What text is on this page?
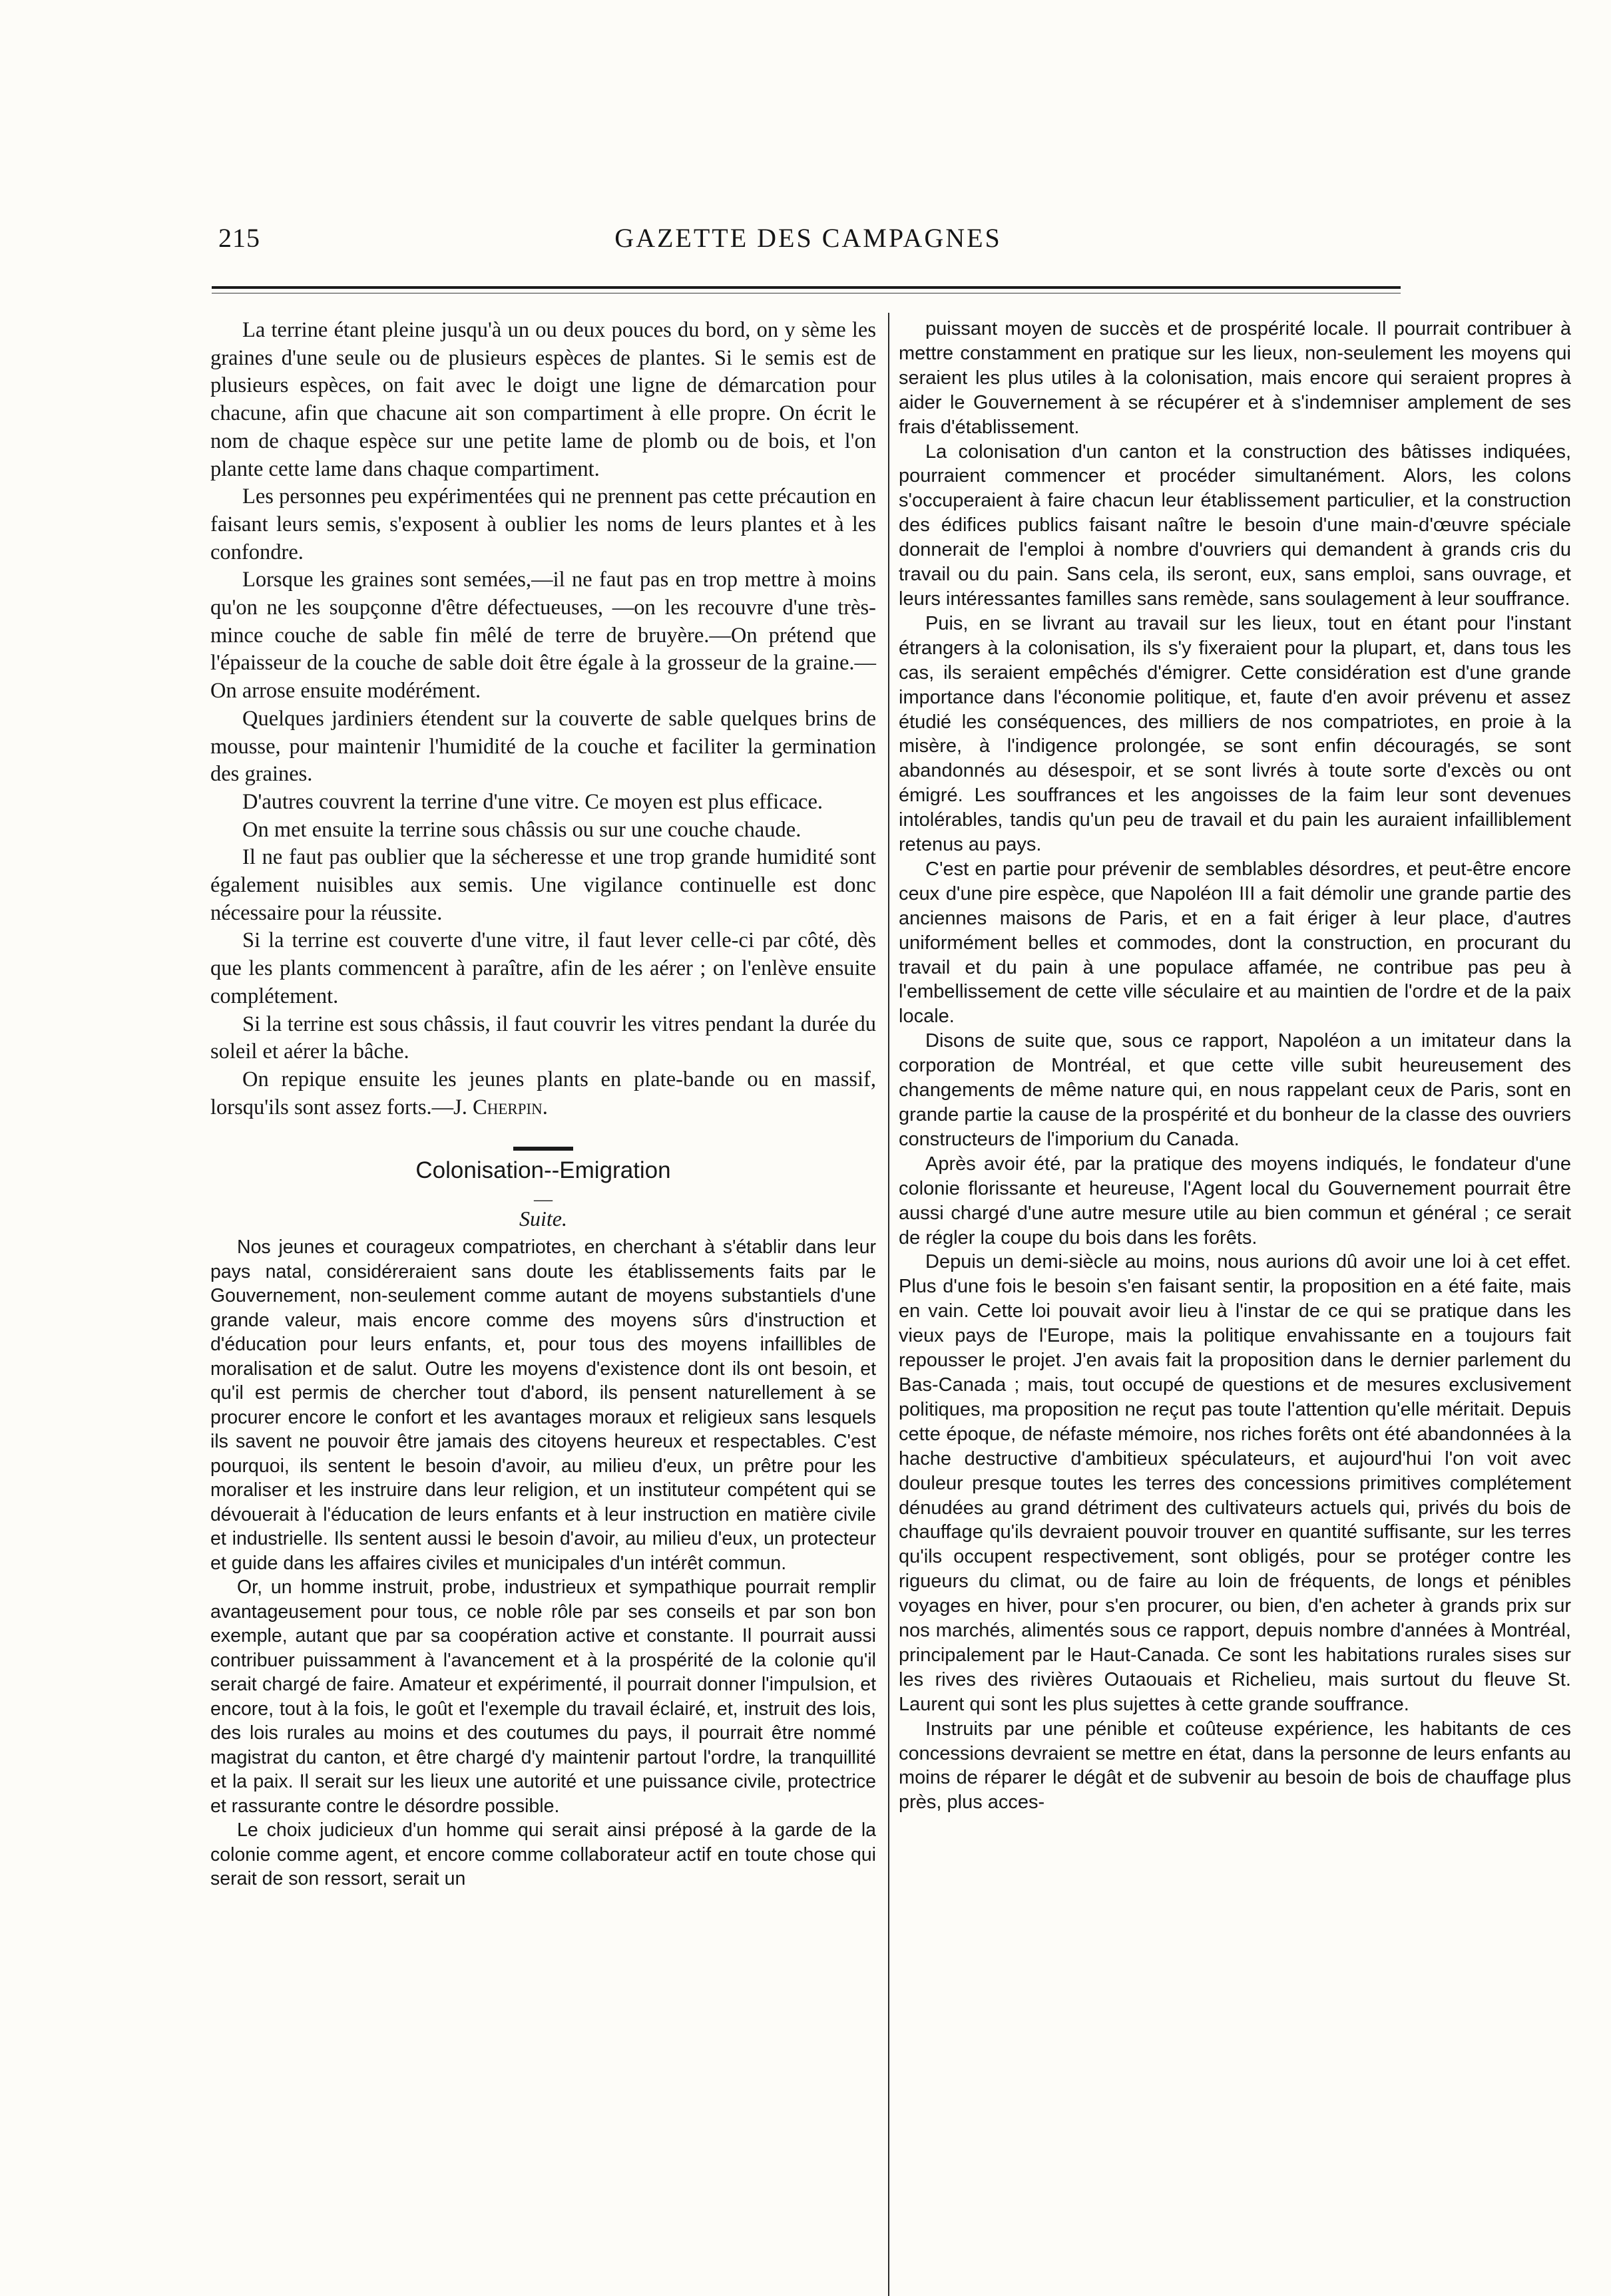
215	GAZETTE DES CAMPAGNES

La terrine étant pleine jusqu'à un ou deux pouces du bord, on y sème les graines d'une seule ou de plusieurs espèces de plantes. Si le semis est de plusieurs espèces, on fait avec le doigt une ligne de démarcation pour chacune, afin que chacune ait son compartiment à elle propre. On écrit le nom de chaque espèce sur une petite lame de plomb ou de bois, et l'on plante cette lame dans chaque compartiment.

Les personnes peu expérimentées qui ne prennent pas cette précaution en faisant leurs semis, s'exposent à oublier les noms de leurs plantes et à les confondre.

Lorsque les graines sont semées,—il ne faut pas en trop mettre à moins qu'on ne les soupçonne d'être défectueuses, —on les recouvre d'une très-mince couche de sable fin mêlé de terre de bruyère.—On prétend que l'épaisseur de la couche de sable doit être égale à la grosseur de la graine.—On arrose ensuite modérément.

Quelques jardiniers étendent sur la couverte de sable quelques brins de mousse, pour maintenir l'humidité de la couche et faciliter la germination des graines.

D'autres couvrent la terrine d'une vitre. Ce moyen est plus efficace.

On met ensuite la terrine sous châssis ou sur une couche chaude.

Il ne faut pas oublier que la sécheresse et une trop grande humidité sont également nuisibles aux semis. Une vigilance continuelle est donc nécessaire pour la réussite.

Si la terrine est couverte d'une vitre, il faut lever celle-ci par côté, dès que les plants commencent à paraître, afin de les aérer ; on l'enlève ensuite complétement.

Si la terrine est sous châssis, il faut couvrir les vitres pendant la durée du soleil et aérer la bâche.

On repique ensuite les jeunes plants en plate-bande ou en massif, lorsqu'ils sont assez forts.—J. Cherpin.

Colonisation--Emigration
—
Suite.

Nos jeunes et courageux compatriotes, en cherchant à s'établir dans leur pays natal, considéreraient sans doute les établissements faits par le Gouvernement, non-seulement comme autant de moyens substantiels d'une grande valeur, mais encore comme des moyens sûrs d'instruction et d'éducation pour leurs enfants, et, pour tous des moyens infaillibles de moralisation et de salut. Outre les moyens d'existence dont ils ont besoin, et qu'il est permis de chercher tout d'abord, ils pensent naturellement à se procurer encore le confort et les avantages moraux et religieux sans lesquels ils savent ne pouvoir être jamais des citoyens heureux et respectables. C'est pourquoi, ils sentent le besoin d'avoir, au milieu d'eux, un prêtre pour les moraliser et les instruire dans leur religion, et un instituteur compétent qui se dévouerait à l'éducation de leurs enfants et à leur instruction en matière civile et industrielle. Ils sentent aussi le besoin d'avoir, au milieu d'eux, un protecteur et guide dans les affaires civiles et municipales d'un intérêt commun.

Or, un homme instruit, probe, industrieux et sympathique pourrait remplir avantageusement pour tous, ce noble rôle par ses conseils et par son bon exemple, autant que par sa coopération active et constante. Il pourrait aussi contribuer puissamment à l'avancement et à la prospérité de la colonie qu'il serait chargé de faire. Amateur et expérimenté, il pourrait donner l'impulsion, et encore, tout à la fois, le goût et l'exemple du travail éclairé, et, instruit des lois, des lois rurales au moins et des coutumes du pays, il pourrait être nommé magistrat du canton, et être chargé d'y maintenir partout l'ordre, la tranquillité et la paix. Il serait sur les lieux une autorité et une puissance civile, protectrice et rassurante contre le désordre possible.

Le choix judicieux d'un homme qui serait ainsi préposé à la garde de la colonie comme agent, et encore comme collaborateur actif en toute chose qui serait de son ressort, serait un

puissant moyen de succès et de prospérité locale. Il pourrait contribuer à mettre constamment en pratique sur les lieux, non-seulement les moyens qui seraient les plus utiles à la colonisation, mais encore qui seraient propres à aider le Gouvernement à se récupérer et à s'indemniser amplement de ses frais d'établissement.

La colonisation d'un canton et la construction des bâtisses indiquées, pourraient commencer et procéder simultanément. Alors, les colons s'occuperaient à faire chacun leur établissement particulier, et la construction des édifices publics faisant naître le besoin d'une main-d'œuvre spéciale donnerait de l'emploi à nombre d'ouvriers qui demandent à grands cris du travail ou du pain. Sans cela, ils seront, eux, sans emploi, sans ouvrage, et leurs intéressantes familles sans remède, sans soulagement à leur souffrance.

Puis, en se livrant au travail sur les lieux, tout en étant pour l'instant étrangers à la colonisation, ils s'y fixeraient pour la plupart, et, dans tous les cas, ils seraient empêchés d'émigrer. Cette considération est d'une grande importance dans l'économie politique, et, faute d'en avoir prévenu et assez étudié les conséquences, des milliers de nos compatriotes, en proie à la misère, à l'indigence prolongée, se sont enfin découragés, se sont abandonnés au désespoir, et se sont livrés à toute sorte d'excès ou ont émigré. Les souffrances et les angoisses de la faim leur sont devenues intolérables, tandis qu'un peu de travail et du pain les auraient infailliblement retenus au pays.

C'est en partie pour prévenir de semblables désordres, et peut-être encore ceux d'une pire espèce, que Napoléon III a fait démolir une grande partie des anciennes maisons de Paris, et en a fait ériger à leur place, d'autres uniformément belles et commodes, dont la construction, en procurant du travail et du pain à une populace affamée, ne contribue pas peu à l'embellissement de cette ville séculaire et au maintien de l'ordre et de la paix locale.

Disons de suite que, sous ce rapport, Napoléon a un imitateur dans la corporation de Montréal, et que cette ville subit heureusement des changements de même nature qui, en nous rappelant ceux de Paris, sont en grande partie la cause de la prospérité et du bonheur de la classe des ouvriers constructeurs de l'imporium du Canada.

Après avoir été, par la pratique des moyens indiqués, le fondateur d'une colonie florissante et heureuse, l'Agent local du Gouvernement pourrait être aussi chargé d'une autre mesure utile au bien commun et général ; ce serait de régler la coupe du bois dans les forêts.

Depuis un demi-siècle au moins, nous aurions dû avoir une loi à cet effet. Plus d'une fois le besoin s'en faisant sentir, la proposition en a été faite, mais en vain. Cette loi pouvait avoir lieu à l'instar de ce qui se pratique dans les vieux pays de l'Europe, mais la politique envahissante en a toujours fait repousser le projet. J'en avais fait la proposition dans le dernier parlement du Bas-Canada ; mais, tout occupé de questions et de mesures exclusivement politiques, ma proposition ne reçut pas toute l'attention qu'elle méritait. Depuis cette époque, de néfaste mémoire, nos riches forêts ont été abandonnées à la hache destructive d'ambitieux spéculateurs, et aujourd'hui l'on voit avec douleur presque toutes les terres des concessions primitives complétement dénudées au grand détriment des cultivateurs actuels qui, privés du bois de chauffage qu'ils devraient pouvoir trouver en quantité suffisante, sur les terres qu'ils occupent respectivement, sont obligés, pour se protéger contre les rigueurs du climat, ou de faire au loin de fréquents, de longs et pénibles voyages en hiver, pour s'en procurer, ou bien, d'en acheter à grands prix sur nos marchés, alimentés sous ce rapport, depuis nombre d'années à Montréal, principalement par le Haut-Canada. Ce sont les habitations rurales sises sur les rives des rivières Outaouais et Richelieu, mais surtout du fleuve St. Laurent qui sont les plus sujettes à cette grande souffrance.

Instruits par une pénible et coûteuse expérience, les habitants de ces concessions devraient se mettre en état, dans la personne de leurs enfants au moins de réparer le dégât et de subvenir au besoin de bois de chauffage plus près, plus acces-
